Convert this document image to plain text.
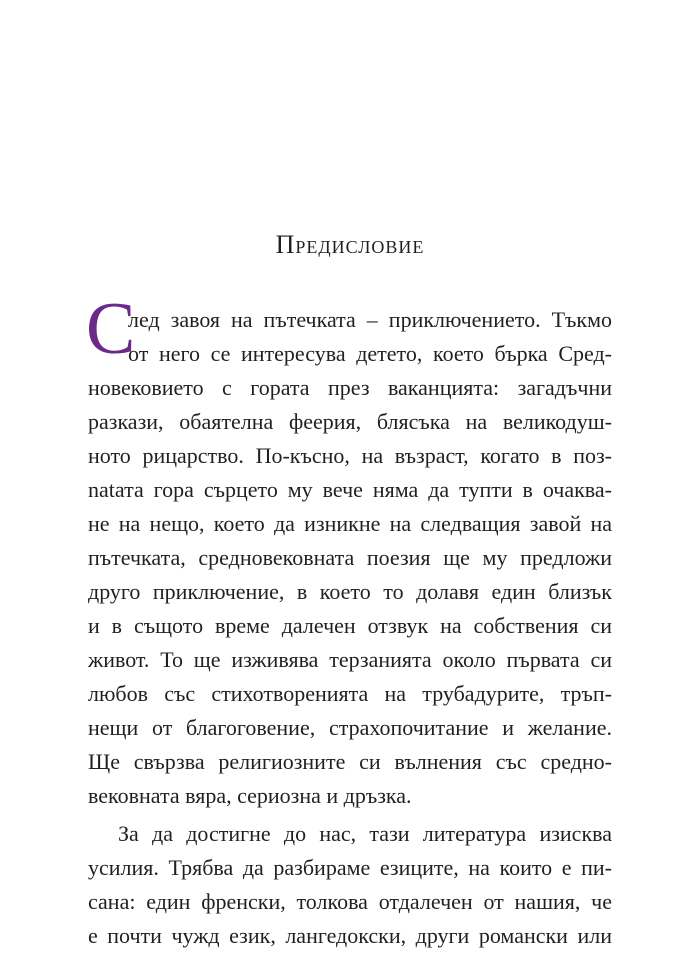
Предисловие
С
лед завоя на пътечката – приключението. Тъкмо
от него се интересува детето, което бърка Сред-
новековието с гората през ваканцията: загадъчни
разкази, обаятелна феерия, блясъка на великодуш-
ното рицарство. По-късно, на възраст, когато в поз-
natата гора сърцето му вече няма да тупти в очаква-
не на нещо, което да изникне на следващия завой на
пътечката, средновековната поезия ще му предложи
друго приключение, в което то долавя един близък
и в същото време далечен отзвук на собствения си
живот. То ще изживява терзанията около първата си
любов със стихотворенията на трубадурите, тръп-
нещи от благоговение, страхопочитание и желание.
Ще свързва религиозните си вълнения със средно-
вековната вяра, сериозна и дръзка.
За да достигне до нас, тази литература изисква
усилия. Трябва да разбираме езиците, на които е пи-
сана: един френски, толкова отдалечен от нашия, че
е почти чужд език, лангедокски, други романски или
